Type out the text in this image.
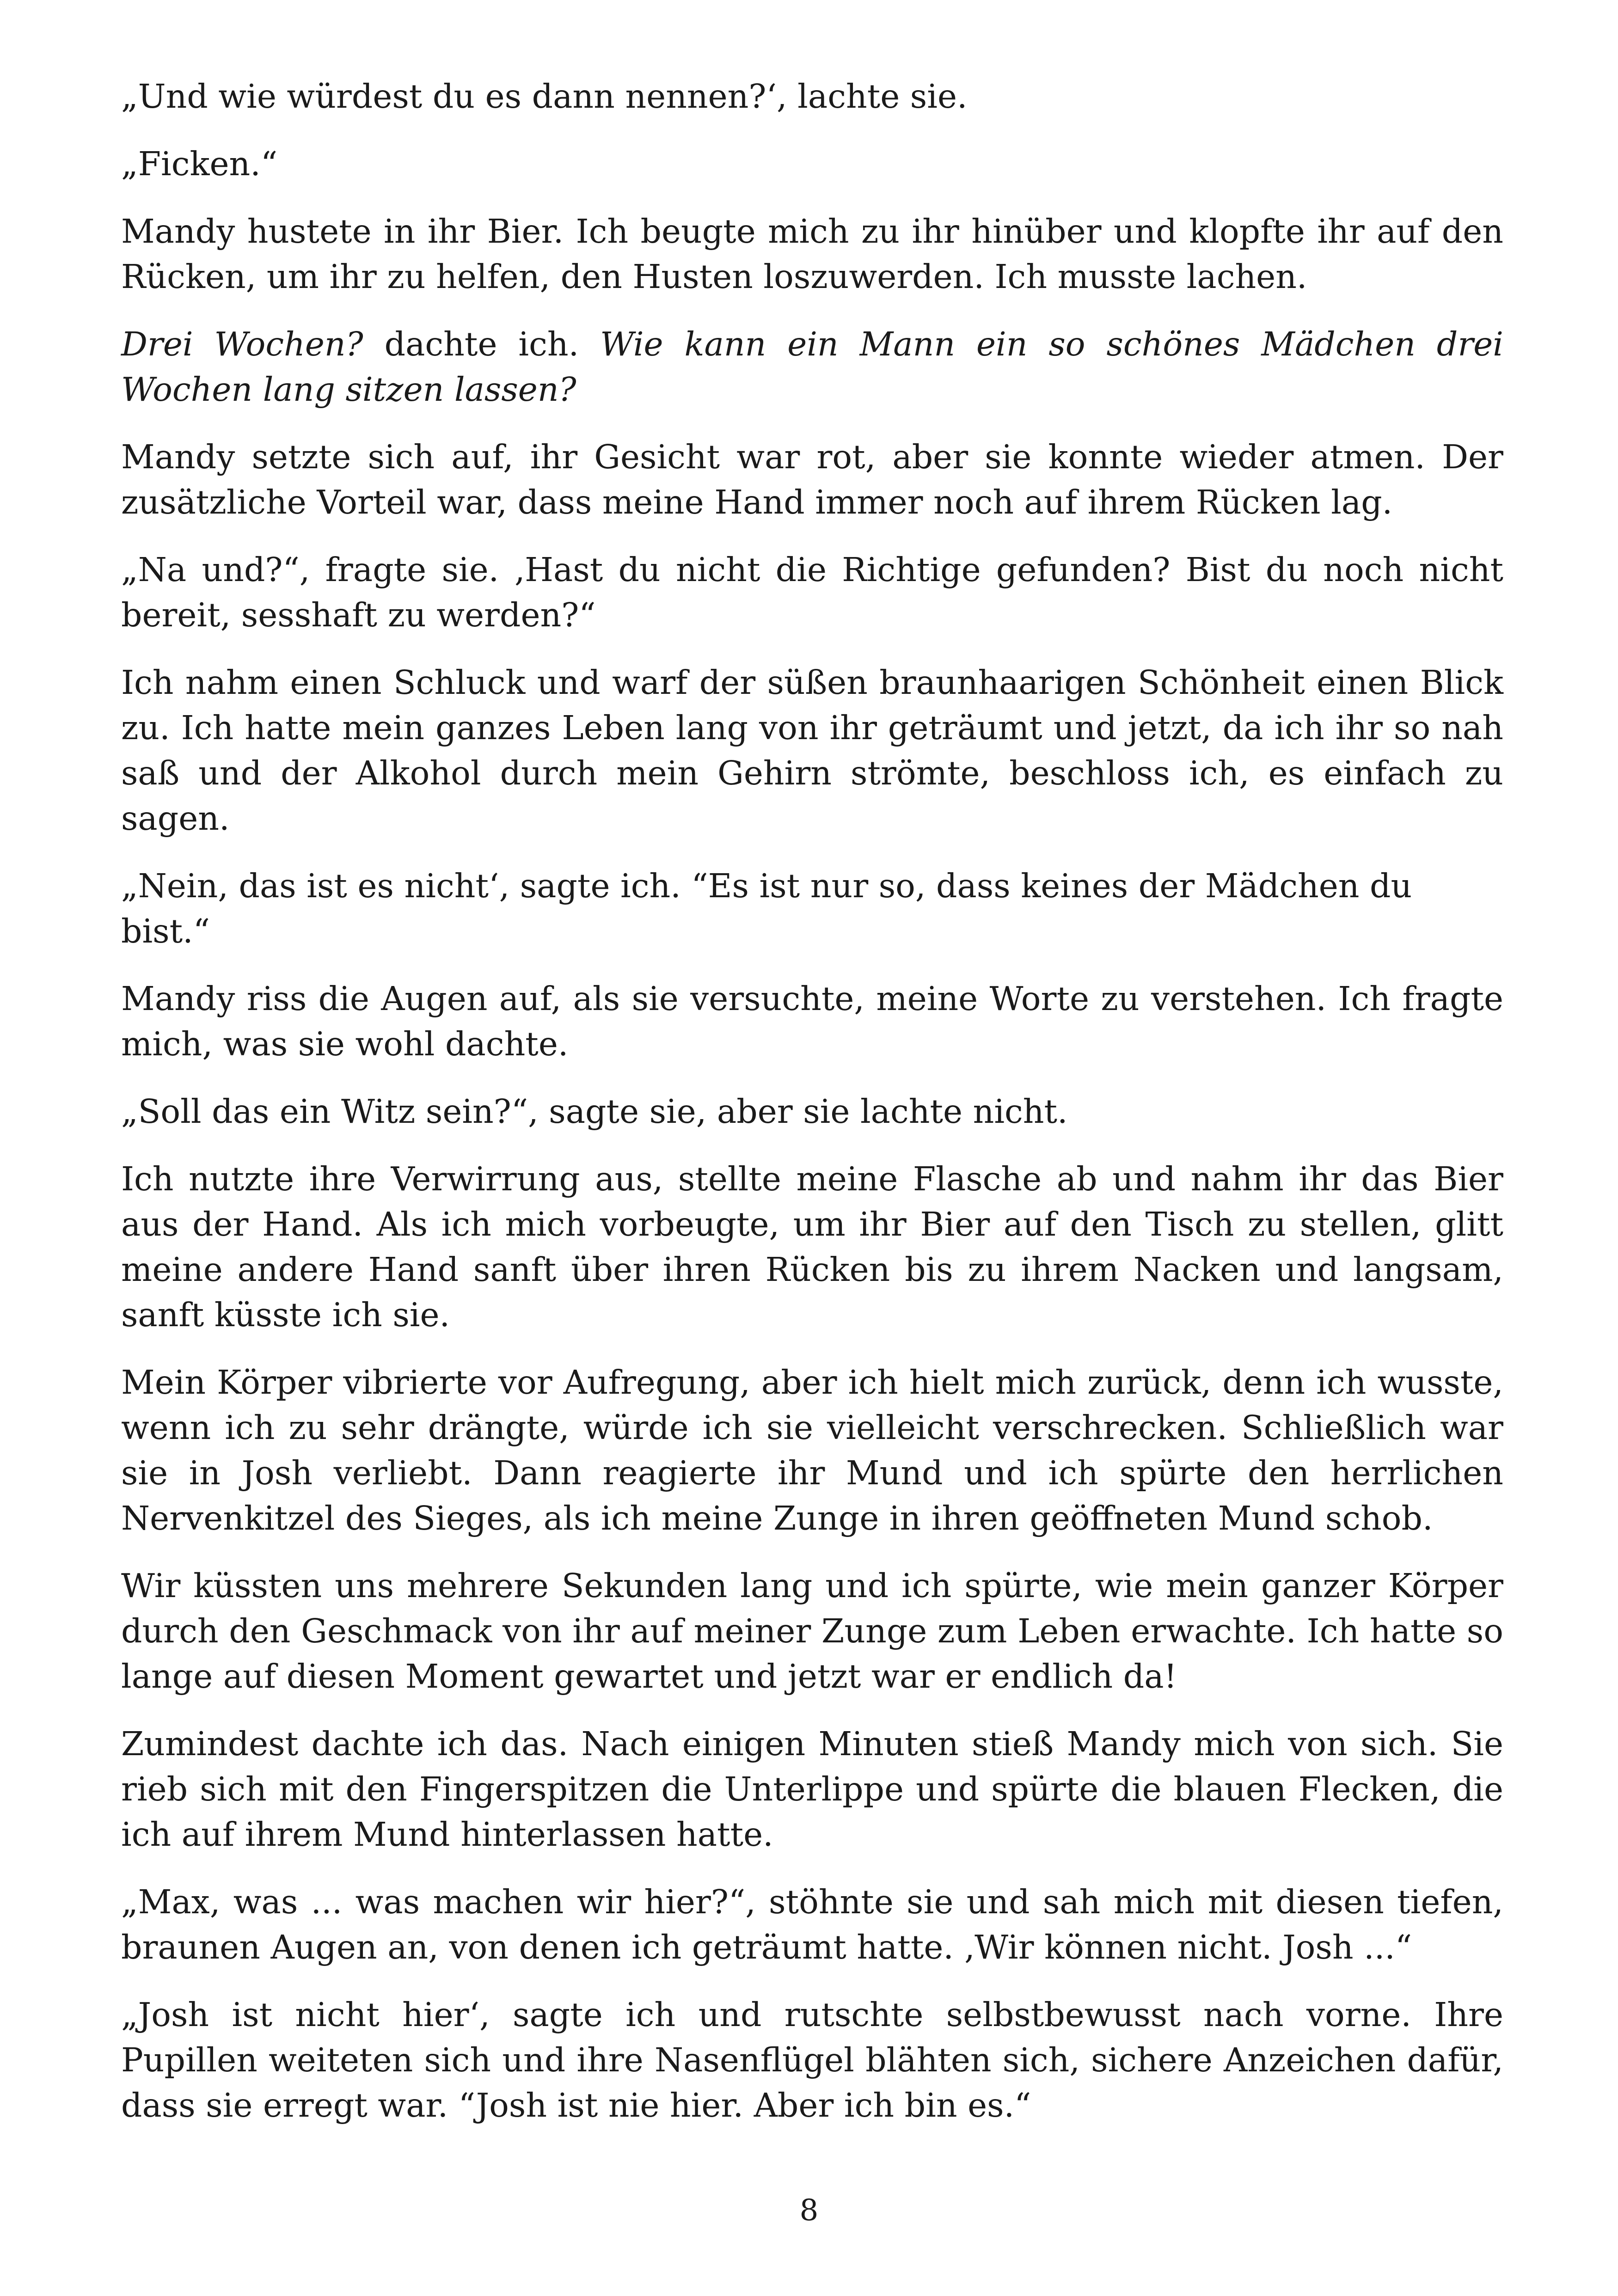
„Und wie würdest du es dann nennen?‘, lachte sie.

„Ficken.“

Mandy hustete in ihr Bier. Ich beugte mich zu ihr hinüber und klopfte ihr auf den Rücken, um ihr zu helfen, den Husten loszuwerden. Ich musste lachen.

Drei Wochen? dachte ich. Wie kann ein Mann ein so schönes Mädchen drei Wochen lang sitzen lassen?

Mandy setzte sich auf, ihr Gesicht war rot, aber sie konnte wieder atmen. Der zusätzliche Vorteil war, dass meine Hand immer noch auf ihrem Rücken lag.

„Na und?“, fragte sie. ‚Hast du nicht die Richtige gefunden? Bist du noch nicht bereit, sesshaft zu werden?“

Ich nahm einen Schluck und warf der süßen braunhaarigen Schönheit einen Blick zu. Ich hatte mein ganzes Leben lang von ihr geträumt und jetzt, da ich ihr so nah saß und der Alkohol durch mein Gehirn strömte, beschloss ich, es einfach zu sagen.

„Nein, das ist es nicht‘, sagte ich. “Es ist nur so, dass keines der Mädchen du bist.“

Mandy riss die Augen auf, als sie versuchte, meine Worte zu verstehen. Ich fragte mich, was sie wohl dachte.

„Soll das ein Witz sein?“, sagte sie, aber sie lachte nicht.

Ich nutzte ihre Verwirrung aus, stellte meine Flasche ab und nahm ihr das Bier aus der Hand. Als ich mich vorbeugte, um ihr Bier auf den Tisch zu stellen, glitt meine andere Hand sanft über ihren Rücken bis zu ihrem Nacken und langsam, sanft küsste ich sie.

Mein Körper vibrierte vor Aufregung, aber ich hielt mich zurück, denn ich wusste, wenn ich zu sehr drängte, würde ich sie vielleicht verschrecken. Schließlich war sie in Josh verliebt. Dann reagierte ihr Mund und ich spürte den herrlichen Nervenkitzel des Sieges, als ich meine Zunge in ihren geöffneten Mund schob.

Wir küssten uns mehrere Sekunden lang und ich spürte, wie mein ganzer Körper durch den Geschmack von ihr auf meiner Zunge zum Leben erwachte. Ich hatte so lange auf diesen Moment gewartet und jetzt war er endlich da!

Zumindest dachte ich das. Nach einigen Minuten stieß Mandy mich von sich. Sie rieb sich mit den Fingerspitzen die Unterlippe und spürte die blauen Flecken, die ich auf ihrem Mund hinterlassen hatte.

„Max, was ... was machen wir hier?“, stöhnte sie und sah mich mit diesen tiefen, braunen Augen an, von denen ich geträumt hatte. ‚Wir können nicht. Josh ...“

„Josh ist nicht hier‘, sagte ich und rutschte selbstbewusst nach vorne. Ihre Pupillen weiteten sich und ihre Nasenflügel blähten sich, sichere Anzeichen dafür, dass sie erregt war. “Josh ist nie hier. Aber ich bin es.“

8
